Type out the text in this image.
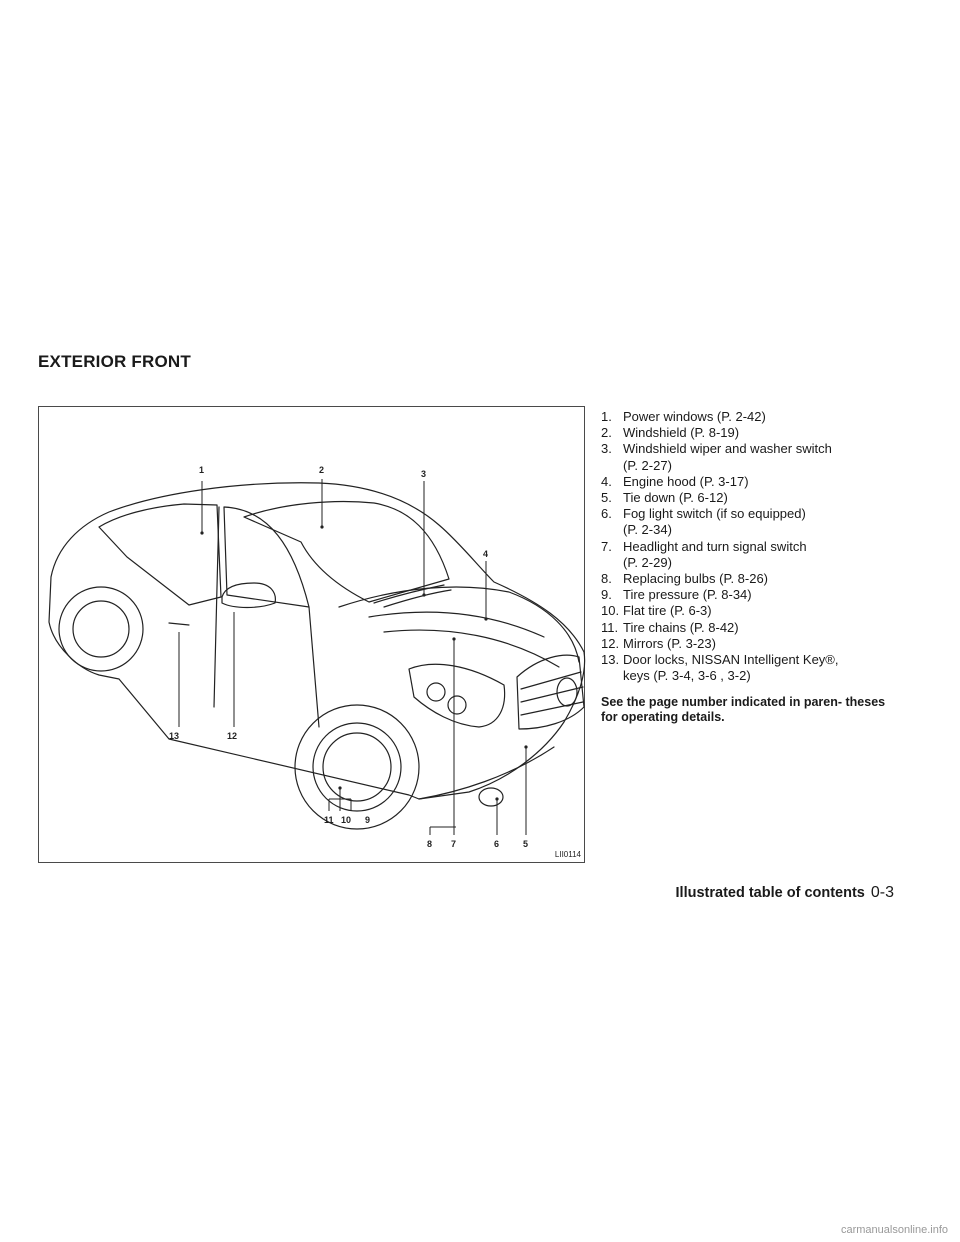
EXTERIOR FRONT
1	2	3
4
5
6
7
8
9
10
11
12
13
LII0114
1. Power windows (P. 2-42)
2. Windshield (P. 8-19)
3. Windshield wiper and washer switch
(P. 2-27)
4. Engine hood (P. 3-17)
5. Tie down (P. 6-12)
6. Fog light switch (if so equipped)
(P. 2-34)
7. Headlight and turn signal switch
(P. 2-29)
8. Replacing bulbs (P. 8-26)
9. Tire pressure (P. 8-34)
10. Flat tire (P. 6-3)
11. Tire chains (P. 8-42)
12. Mirrors (P. 3-23)
13. Door locks, NISSAN Intelligent Key®,
keys (P. 3-4, 3-6 , 3-2)

See the page number indicated in paren- theses for operating details.

Illustrated table of contents 0-3
carmanualsonline.info
